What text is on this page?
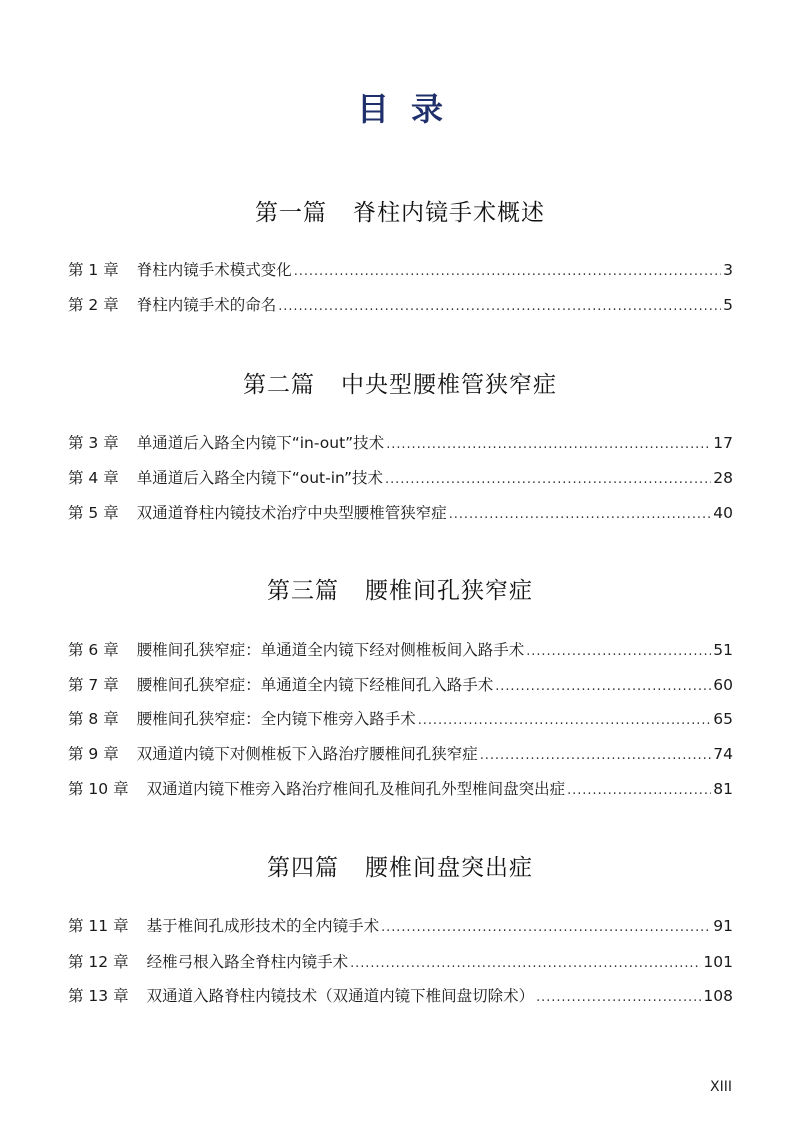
目录
第一篇 脊柱内镜手术概述
第 1 章 脊柱内镜手术模式变化 . . .	3
第 2 章 脊柱内镜手术的命名 . . .	5
第二篇 中央型腰椎管狭窄症
第 3 章 单通道后入路全内镜下“in-out”技术 . . .	17
第 4 章 单通道后入路全内镜下“out-in”技术 . . .	28
第 5 章 双通道脊柱内镜技术治疗中央型腰椎管狭窄症 . . .	40
第三篇 腰椎间孔狭窄症
第 6 章 腰椎间孔狭窄症：单通道全内镜下经对侧椎板间入路手术 . . .	51
第 7 章 腰椎间孔狭窄症：单通道全内镜下经椎间孔入路手术 . . .	60
第 8 章 腰椎间孔狭窄症：全内镜下椎旁入路手术 . . .	65
第 9 章 双通道内镜下对侧椎板下入路治疗腰椎间孔狭窄症 . . .	74
第 10 章 双通道内镜下椎旁入路治疗椎间孔及椎间孔外型椎间盘突出症 . . .	81
第四篇 腰椎间盘突出症
第 11 章 基于椎间孔成形技术的全内镜手术 . . .	91
第 12 章 经椎弓根入路全脊柱内镜手术 . . .	101
第 13 章 双通道入路脊柱内镜技术（双通道内镜下椎间盘切除术） . . .	108
XIII
